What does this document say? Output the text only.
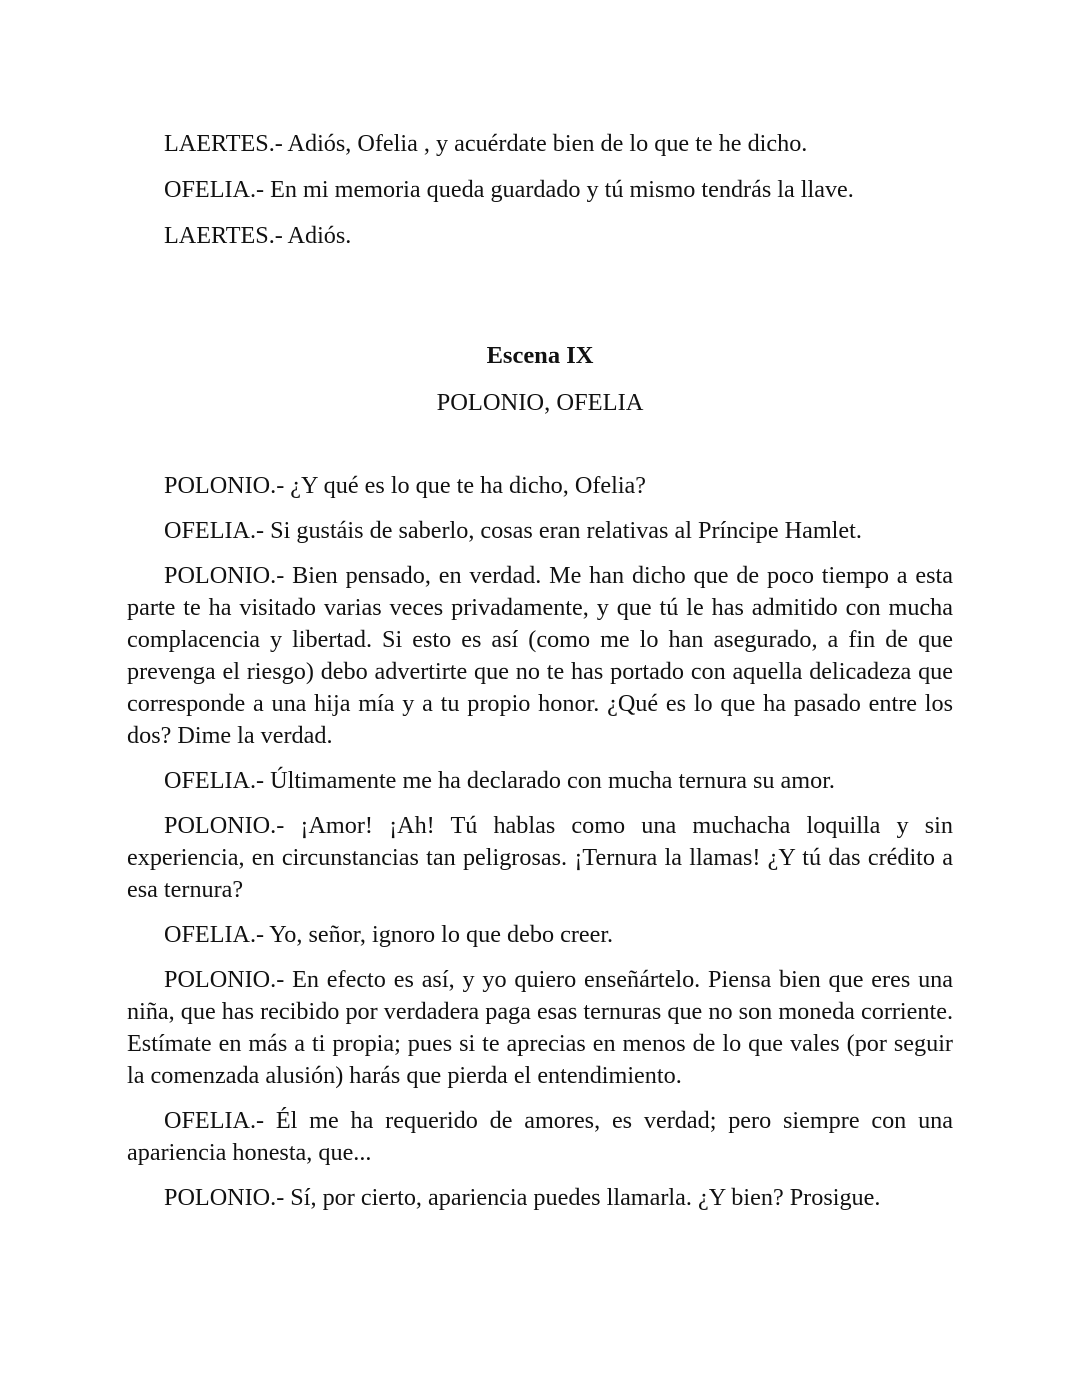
LAERTES.- Adiós, Ofelia , y acuérdate bien de lo que te he dicho.

OFELIA.- En mi memoria queda guardado y tú mismo tendrás la llave.

LAERTES.- Adiós.

Escena IX
POLONIO, OFELIA

POLONIO.- ¿Y qué es lo que te ha dicho, Ofelia?

OFELIA.- Si gustáis de saberlo, cosas eran relativas al Príncipe Hamlet.

POLONIO.- Bien pensado, en verdad. Me han dicho que de poco tiempo a esta parte te ha visitado varias veces privadamente, y que tú le has admitido con mucha complacencia y libertad. Si esto es así (como me lo han asegurado, a fin de que prevenga el riesgo) debo advertirte que no te has portado con aquella delicadeza que corresponde a una hija mía y a tu propio honor. ¿Qué es lo que ha pasado entre los dos? Dime la verdad.

OFELIA.- Últimamente me ha declarado con mucha ternura su amor.

POLONIO.- ¡Amor! ¡Ah! Tú hablas como una muchacha loquilla y sin experiencia, en circunstancias tan peligrosas. ¡Ternura la llamas! ¿Y tú das crédito a esa ternura?

OFELIA.- Yo, señor, ignoro lo que debo creer.

POLONIO.- En efecto es así, y yo quiero enseñártelo. Piensa bien que eres una niña, que has recibido por verdadera paga esas ternuras que no son moneda corriente. Estímate en más a ti propia; pues si te aprecias en menos de lo que vales (por seguir la comenzada alusión) harás que pierda el entendimiento.

OFELIA.- Él me ha requerido de amores, es verdad; pero siempre con una apariencia honesta, que...

POLONIO.- Sí, por cierto, apariencia puedes llamarla. ¿Y bien? Prosigue.
